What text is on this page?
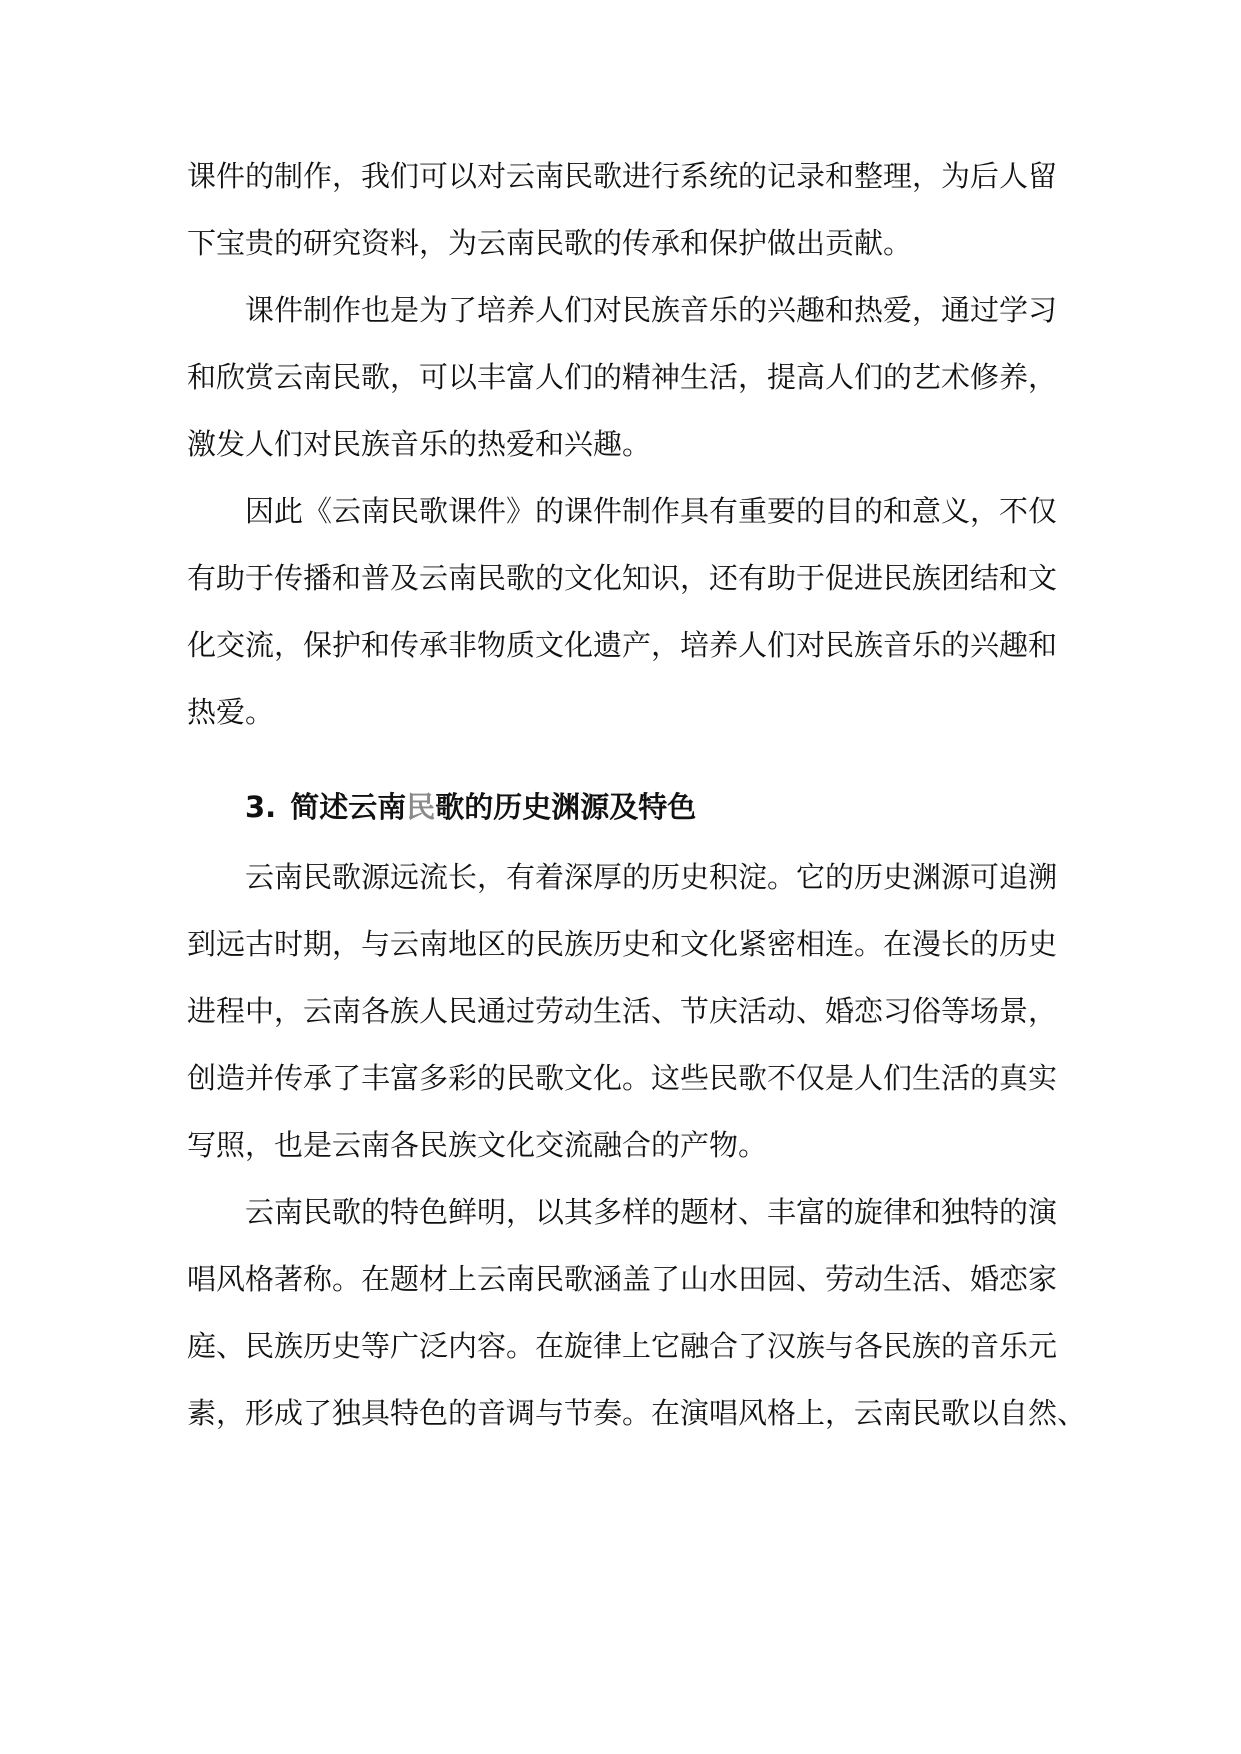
课件的制作，我们可以对云南民歌进行系统的记录和整理，为后人留
下宝贵的研究资料，为云南民歌的传承和保护做出贡献。
课件制作也是为了培养人们对民族音乐的兴趣和热爱，通过学习
和欣赏云南民歌，可以丰富人们的精神生活，提高人们的艺术修养，
激发人们对民族音乐的热爱和兴趣。
因此《云南民歌课件》的课件制作具有重要的目的和意义，不仅
有助于传播和普及云南民歌的文化知识，还有助于促进民族团结和文
化交流，保护和传承非物质文化遗产，培养人们对民族音乐的兴趣和
热爱。
3. 简述云南民歌的历史渊源及特色
云南民歌源远流长，有着深厚的历史积淀。它的历史渊源可追溯
到远古时期，与云南地区的民族历史和文化紧密相连。在漫长的历史
进程中，云南各族人民通过劳动生活、节庆活动、婚恋习俗等场景，
创造并传承了丰富多彩的民歌文化。这些民歌不仅是人们生活的真实
写照，也是云南各民族文化交流融合的产物。
云南民歌的特色鲜明，以其多样的题材、丰富的旋律和独特的演
唱风格著称。在题材上云南民歌涵盖了山水田园、劳动生活、婚恋家
庭、民族历史等广泛内容。在旋律上它融合了汉族与各民族的音乐元
素，形成了独具特色的音调与节奏。在演唱风格上，云南民歌以自然、
